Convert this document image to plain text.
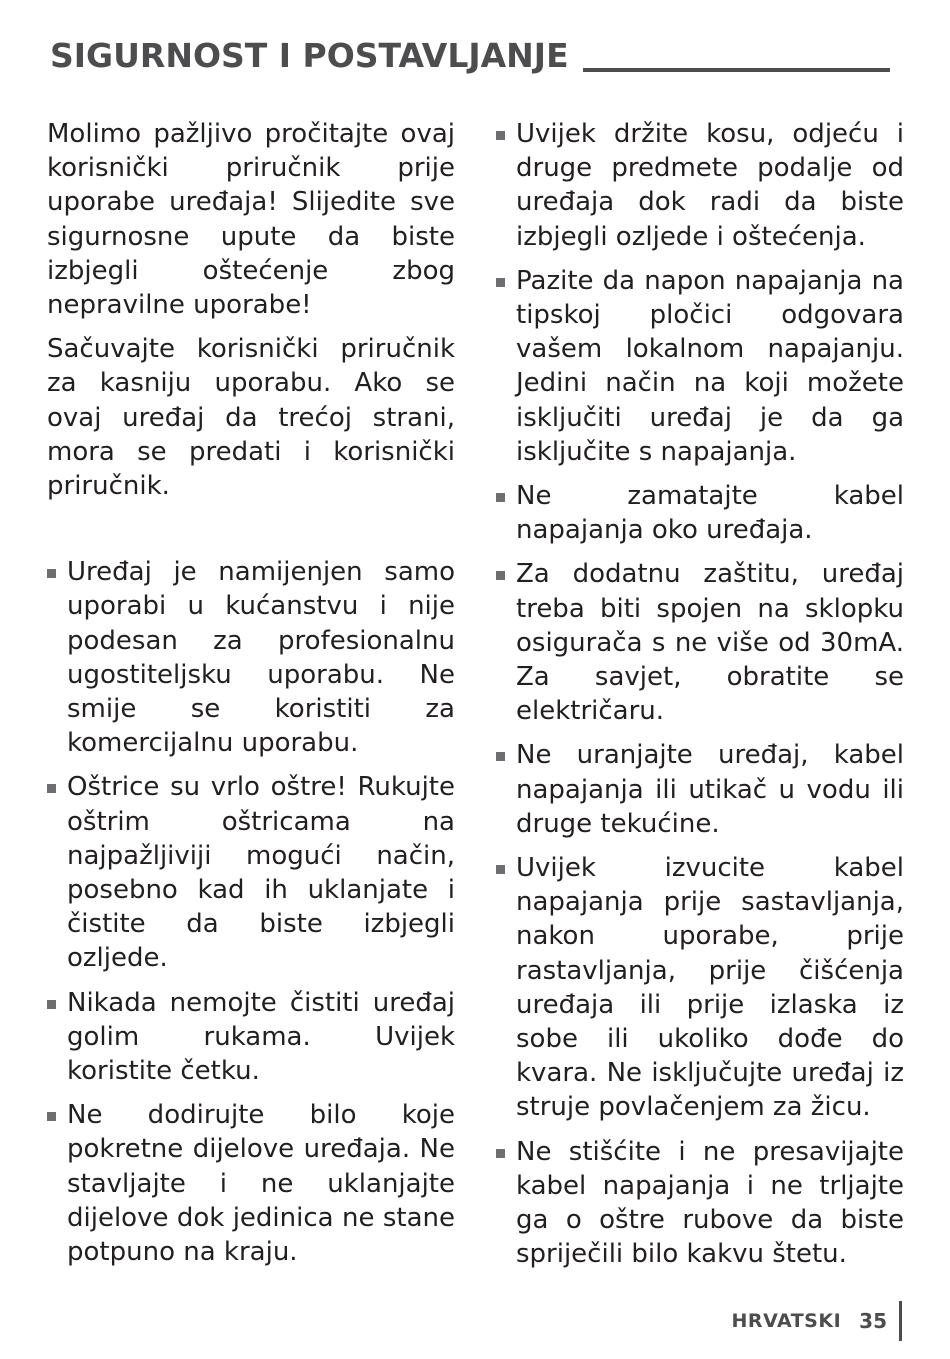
SIGURNOST I POSTAVLJANJE

Molimo pažljivo pročitajte ovaj korisnički priručnik prije uporabe uređaja! Slijedite sve sigurnosne upute da biste izbjegli oštećenje zbog nepravilne uporabe!

Sačuvajte korisnički priručnik za kasniju uporabu. Ako se ovaj uređaj da trećoj strani, mora se predati i korisnički priručnik.

Uređaj je namijenjen samo uporabi u kućanstvu i nije podesan za profesionalnu ugostiteljsku uporabu. Ne smije se koristiti za komercijalnu uporabu.
Oštrice su vrlo oštre! Rukujte oštrim oštricama na najpažljiviji mogući način, posebno kad ih uklanjate i čistite da biste izbjegli ozljede.
Nikada nemojte čistiti uređaj golim rukama. Uvijek koristite četku.
Ne dodirujte bilo koje pokretne dijelove uređaja. Ne stavljajte i ne uklanjajte dijelove dok jedinica ne stane potpuno na kraju.
Uvijek držite kosu, odjeću i druge predmete podalje od uređaja dok radi da biste izbjegli ozljede i oštećenja.
Pazite da napon napajanja na tipskoj pločici odgovara vašem lokalnom napajanju. Jedini način na koji možete isključiti uređaj je da ga isključite s napajanja.
Ne zamatajte kabel napajanja oko uređaja.
Za dodatnu zaštitu, uređaj treba biti spojen na sklopku osigurača s ne više od 30mA. Za savjet, obratite se električaru.
Ne uranjajte uređaj, kabel napajanja ili utikač u vodu ili druge tekućine.
Uvijek izvucite kabel napajanja prije sastavljanja, nakon uporabe, prije rastavljanja, prije čišćenja uređaja ili prije izlaska iz sobe ili ukoliko dođe do kvara. Ne isključujte uređaj iz struje povlačenjem za žicu.
Ne stišćite i ne presavijajte kabel napajanja i ne trljajte ga o oštre rubove da biste spriječili bilo kakvu štetu.
HRVATSKI 35
